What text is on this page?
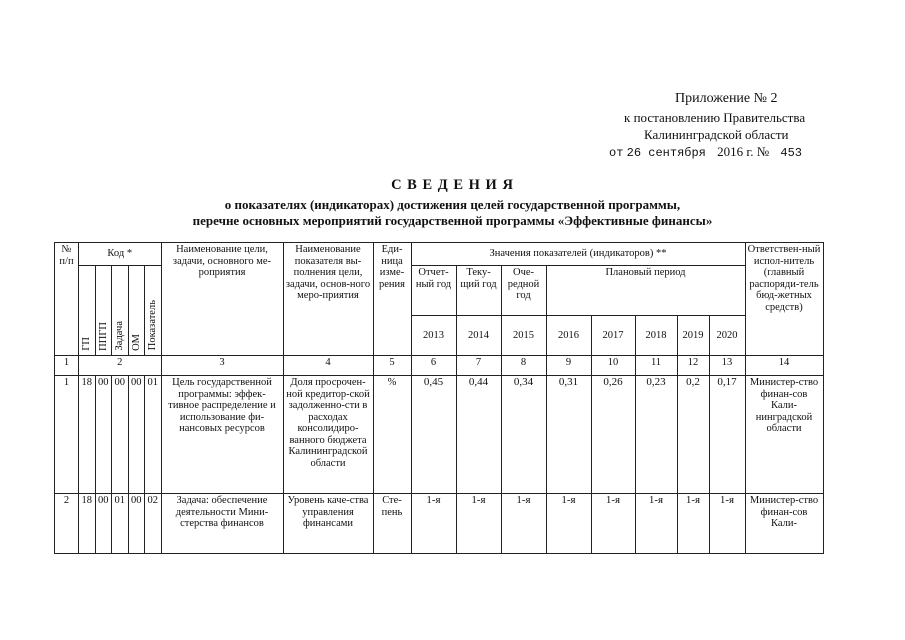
Приложение № 2
к постановлению Правительства
Калининградской области
от 26 сентября 2016 г. № 453
С В Е Д Е Н И Я
о показателях (индикаторах) достижения целей государственной программы,
перечне основных мероприятий государственной программы «Эффективные финансы»
№ п/п	Код *					Наименование цели, задачи, основного ме-роприятия	Наименование показателя вы-полнения цели, задачи, основ-ного меро-приятия	Еди-ница изме-рения	Значения показателей (индикаторов) **								Ответствен-ный испол-нитель (главный распоряди-тель бюд-жетных средств)
	ГП	ППГП	Задача	ОМ	Показатель				Отчет-ный год	Теку-щий год	Оче-редной год	Плановый период					
									2013	2014	2015	2016	2017	2018	2019	2020	
1	2					3	4	5	6	7	8	9	10	11	12	13	14
1	18	00	00	00	01	Цель государственной программы: эффек-тивное распределение и использование фи-нансовых ресурсов	Доля просрочен-ной кредитор-ской задолженно-сти в расходах консолидиро-ванного бюджета Калининградской области	%	0,45	0,44	0,34	0,31	0,26	0,23	0,2	0,17	Министер-ство финан-сов Кали-нинградской области
2	18	00	01	00	02	Задача: обеспечение деятельности Мини-стерства финансов	Уровень каче-ства управления финансами	Сте-пень	1-я	1-я	1-я	1-я	1-я	1-я	1-я	1-я	Министер-ство финан-сов Кали-
